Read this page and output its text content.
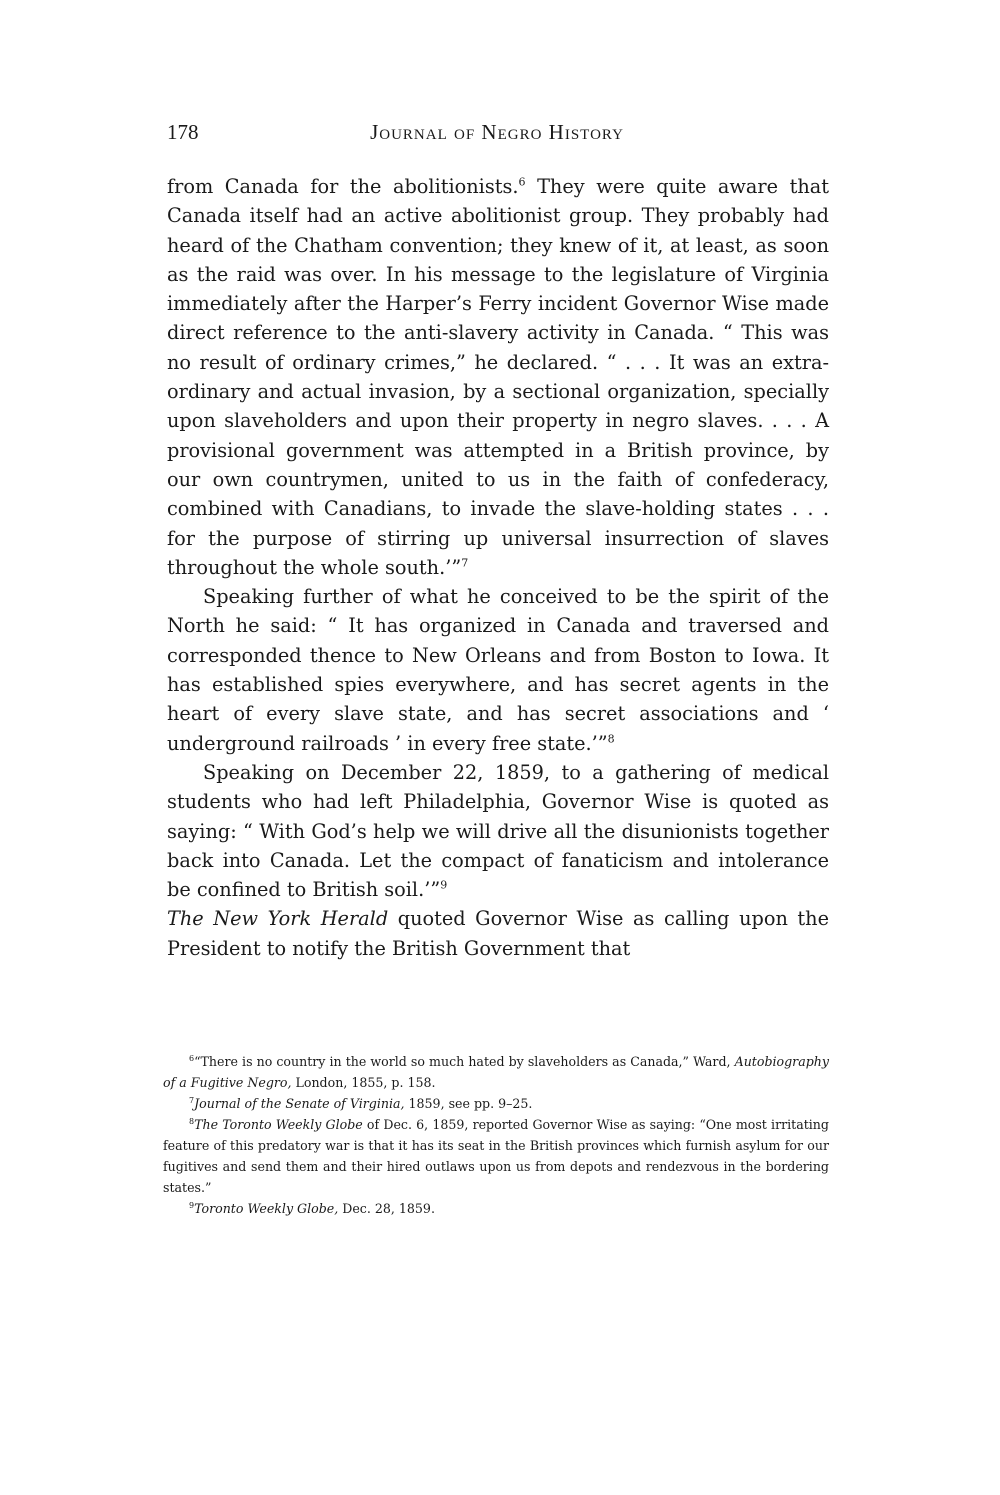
178	Journal of Negro History

from Canada for the abolitionists.$^6$ They were quite aware that Canada itself had an active abolitionist group. They probably had heard of the Chatham convention; they knew of it, at least, as soon as the raid was over. In his message to the legislature of Virginia immediately after the Harper’s Ferry incident Governor Wise made direct reference to the anti-slavery activity in Canada. “ This was no result of ordinary crimes,” he declared. “ . . . It was an extraordinary and actual invasion, by a sectional organization, specially upon slaveholders and upon their property in negro slaves. . . . A provisional government was attempted in a British province, by our own countrymen, united to us in the faith of confederacy, combined with Canadians, to invade the slave-holding states . . . for the purpose of stirring up universal insurrection of slaves throughout the whole south.’”$^7$

Speaking further of what he conceived to be the spirit of the North he said: “ It has organized in Canada and traversed and corresponded thence to New Orleans and from Boston to Iowa. It has established spies everywhere, and has secret agents in the heart of every slave state, and has secret associations and ‘ underground railroads ’ in every free state.’”$^8$

Speaking on December 22, 1859, to a gathering of medical students who had left Philadelphia, Governor Wise is quoted as saying: “ With God’s help we will drive all the disunionists together back into Canada. Let the compact of fanaticism and intolerance be confined to British soil.’”$^9$
The New York Herald quoted Governor Wise as calling upon the President to notify the British Government that

$^6$“There is no country in the world so much hated by slaveholders as Canada,” Ward, Autobiography of a Fugitive Negro, London, 1855, p. 158.

$^7$Journal of the Senate of Virginia, 1859, see pp. 9–25.

$^8$The Toronto Weekly Globe of Dec. 6, 1859, reported Governor Wise as saying: “One most irritating feature of this predatory war is that it has its seat in the British provinces which furnish asylum for our fugitives and send them and their hired outlaws upon us from depots and rendezvous in the bordering states.”

$^9$Toronto Weekly Globe, Dec. 28, 1859.
